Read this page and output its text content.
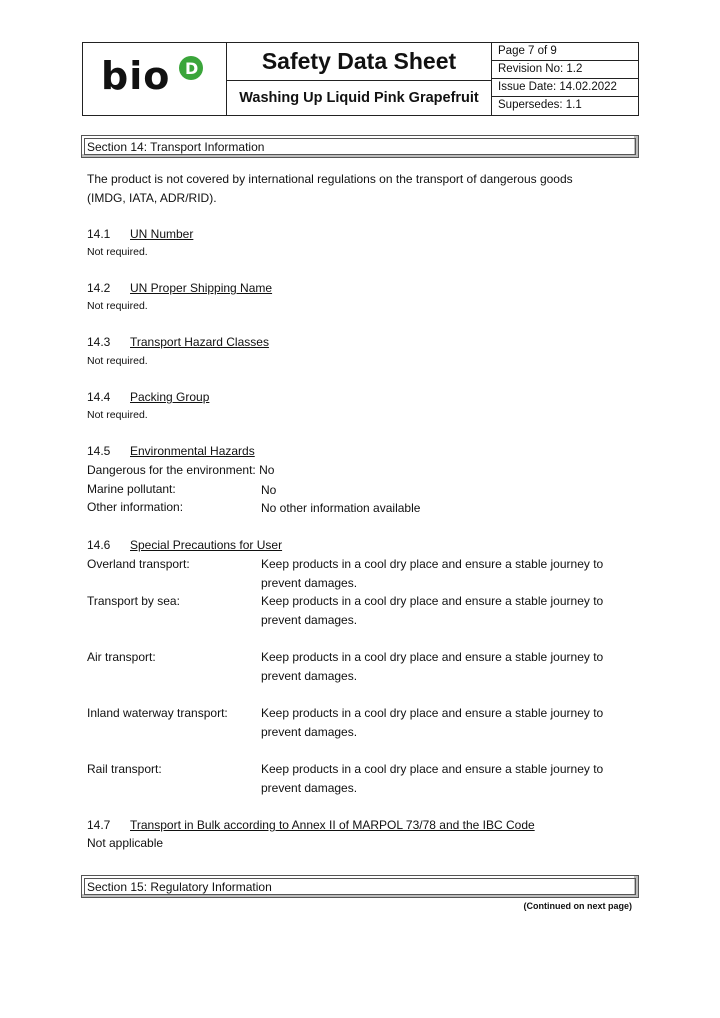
bio D	Safety Data Sheet
Washing Up Liquid Pink Grapefruit
Page 7 of 9
Revision No: 1.2
Issue Date: 14.02.2022
Supersedes: 1.1
Section 14: Transport Information
The product is not covered by international regulations on the transport of dangerous goods
(IMDG, IATA, ADR/RID).
14.1 UN Number
Not required.
14.2 UN Proper Shipping Name
Not required.
14.3 Transport Hazard Classes
Not required.
14.4 Packing Group
Not required.
14.5 Environmental Hazards
Dangerous for the environment: No
Marine pollutant:	No
Other information:	No other information available
14.6 Special Precautions for User
Overland transport:	Keep products in a cool dry place and ensure a stable journey to
prevent damages.
Transport by sea:	Keep products in a cool dry place and ensure a stable journey to
prevent damages.
Air transport:	Keep products in a cool dry place and ensure a stable journey to
prevent damages.
Inland waterway transport:	Keep products in a cool dry place and ensure a stable journey to
prevent damages.
Rail transport:	Keep products in a cool dry place and ensure a stable journey to
prevent damages.
14.7 Transport in Bulk according to Annex II of MARPOL 73/78 and the IBC Code
Not applicable
Section 15: Regulatory Information
(Continued on next page)
